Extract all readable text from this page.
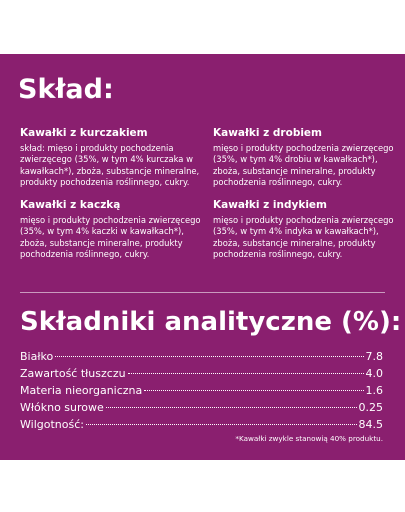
Skład:
Kawałki z kurczakiem

skład: mięso i produkty pochodzenia zwierzęcego (35%, w tym 4% kurczaka w kawałkach*), zboża, substancje mineralne, produkty pochodzenia roślinnego, cukry.

Kawałki z kaczką

mięso i produkty pochodzenia zwierzęcego (35%, w tym 4% kaczki w kawałkach*), zboża, substancje mineralne, produkty pochodzenia roślinnego, cukry.

Kawałki z drobiem

mięso i produkty pochodzenia zwierzęcego (35%, w tym 4% drobiu w kawałkach*), zboża, substancje mineralne, produkty pochodzenia roślinnego, cukry.

Kawałki z indykiem

mięso i produkty pochodzenia zwierzęcego (35%, w tym 4% indyka w kawałkach*), zboża, substancje mineralne, produkty pochodzenia roślinnego, cukry.

Składniki analityczne (%):
Białko	7.8
Zawartość tłuszczu	4.0
Materia nieorganiczna	1.6
Włókno surowe	0.25
Wilgotność:	84.5

*Kawałki zwykle stanowią 40% produktu.
